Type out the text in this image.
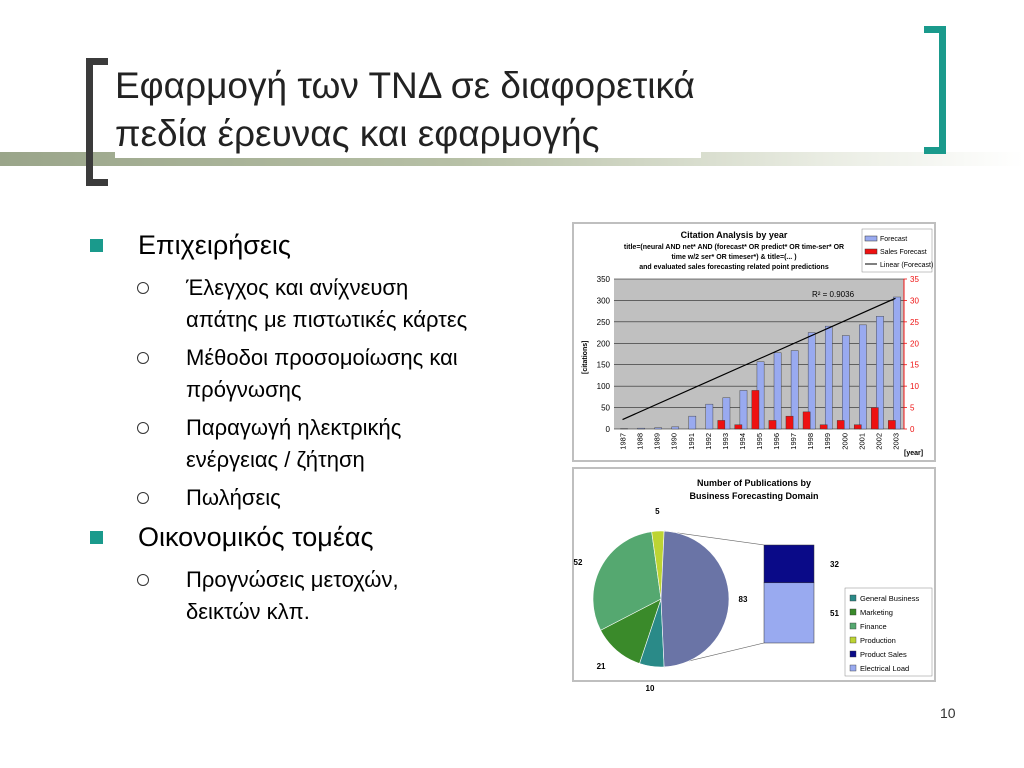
Εφαρμογή των ΤΝΔ σε διαφορετικά
πεδία έρευνας και εφαρμογής
Επιχειρήσεις
Έλεγχος και ανίχνευση
απάτης με πιστωτικές κάρτες
Μέθοδοι προσομοίωσης και
πρόγνωσης
Παραγωγή ηλεκτρικής
ενέργειας / ζήτηση
Πωλήσεις
Οικονομικός τομέας
Προγνώσεις μετοχών,
δεικτών κλπ.
Citation Analysis by year
title=(neural AND net* AND (forecast* OR predict* OR time-ser* OR
time w/2 ser* OR timeser*) & title=(... )
and evaluated sales forecasting related point predictions
0
50
100
150
200
250
300
350
0
5
10
15
20
25
30
35
1987 1988 1989 1990 1991 1992 1993 1994 1995 1996 1997 1998 1999 2000 2001 2002 2003
R² = 0.9036
[citations]
[year]
Forecast
Sales Forecast
Linear (Forecast)
Number of Publications by
Business Forecasting Domain
32
51
10
21
52
5
83	General Business
Marketing
Finance
Production
Product Sales
Electrical Load
10
